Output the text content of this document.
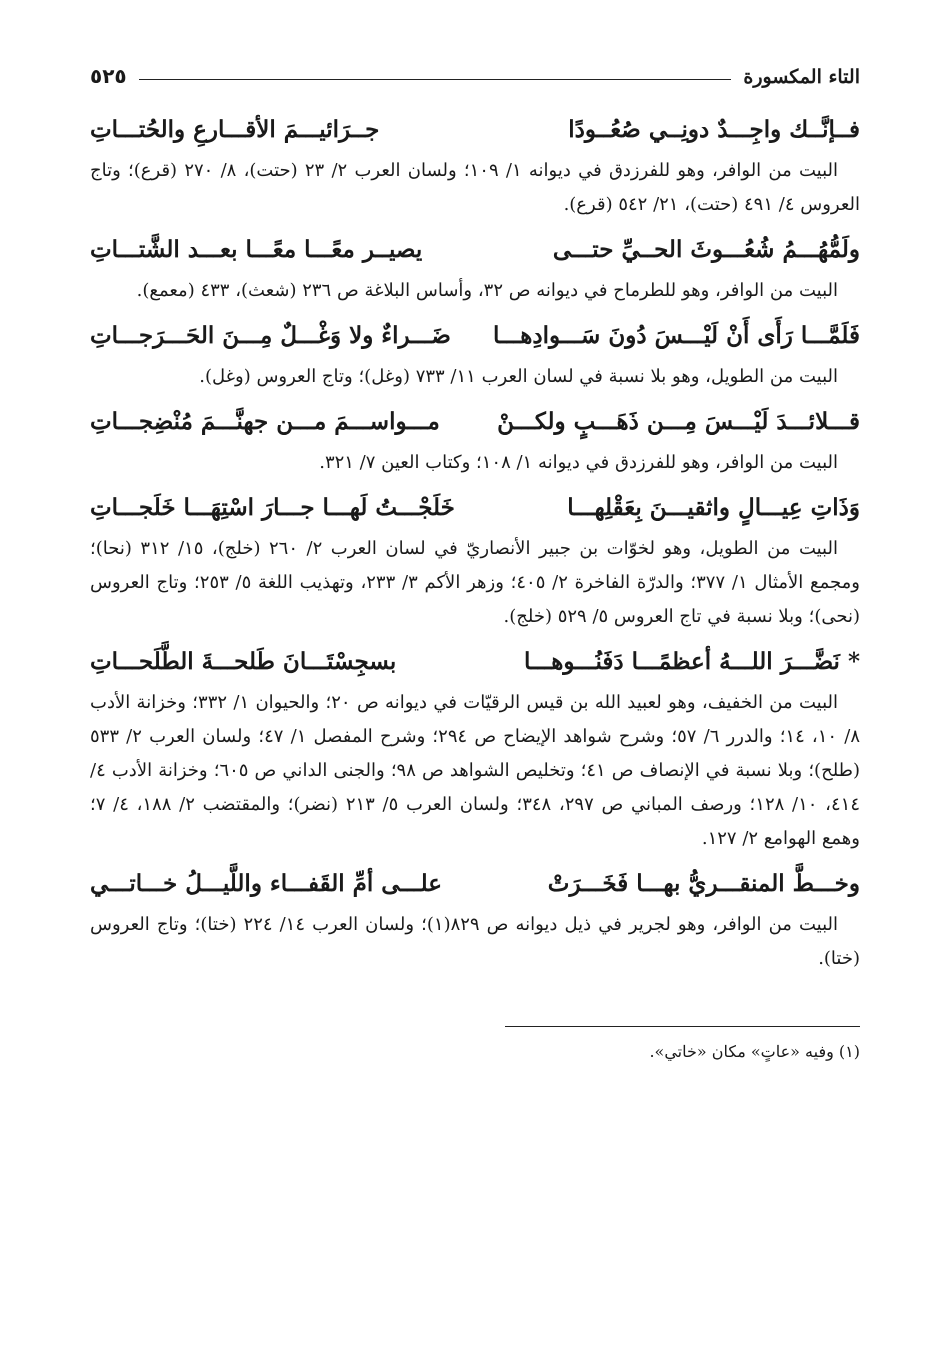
التاء المكسورة
٥٢٥
فــإنَّــك واجِـــدٌ دونِــي صُعُــودًا
جــرَائيـــمَ الأقـــارعِ والحُتـــاتِ

البيت من الوافر، وهو للفرزدق في ديوانه ١/ ١٠٩؛ ولسان العرب ٢/ ٢٣ (حتت)، ٨/ ٢٧٠ (قرع)؛ وتاج العروس ٤/ ٤٩١ (حتت)، ٢١/ ٥٤٢ (قرع).

ولَمُّهُـــمُ شُعُـــوثَ الحــيِّ حتـــى
يصيــر معًـــا معًـــا بعـــد الشَّتـــاتِ

البيت من الوافر، وهو للطرماح في ديوانه ص ٣٢، وأساس البلاغة ص ٢٣٦ (شعث)، ٤٣٣ (معمع).

فَلَمَّـــا رَأَى أَنْ لَيْـــسَ دُونَ سَـــوادِهـــا
ضَـــراءٌ ولا وَغْـــلٌ مِـــنَ الحَـــرَجـــاتِ

البيت من الطويل، وهو بلا نسبة في لسان العرب ١١/ ٧٣٣ (وغل)؛ وتاج العروس (وغل).

قـــلائـــدَ لَيْـــسَ مِـــن ذَهَـــبٍ ولكـــنْ
مـــواســـمَ مـــن جهنَّـــمَ مُنْضِجـــاتِ

البيت من الوافر، وهو للفرزدق في ديوانه ١/ ١٠٨؛ وكتاب العين ٧/ ٣٢١.

وَذَاتِ عِيـــالٍ واثقيـــنَ بِعَقْلِهـــا
خَلَجْـــتُ لَهـــا جـــارَ اسْتِهَـــا خَلَجـــاتِ

البيت من الطويل، وهو لخوّات بن جبير الأنصاريّ في لسان العرب ٢/ ٢٦٠ (خلج)، ١٥/ ٣١٢ (نحا)؛ ومجمع الأمثال ١/ ٣٧٧؛ والدرّة الفاخرة ٢/ ٤٠٥؛ وزهر الأكم ٣/ ٢٣٣، وتهذيب اللغة ٥/ ٢٥٣؛ وتاج العروس (نحى)؛ وبلا نسبة في تاج العروس ٥/ ٥٢٩ (خلج).

*نَضَّـــرَ اللـــهُ أعظمًـــا دَفَنُـــوهـــا
بسجِسْتَـــانَ طَلحـــةَ الطَّلَحـــاتِ

البيت من الخفيف، وهو لعبيد الله بن قيس الرقيّات في ديوانه ص ٢٠؛ والحيوان ١/ ٣٣٢؛ وخزانة الأدب ٨/ ١٠، ١٤؛ والدرر ٦/ ٥٧؛ وشرح شواهد الإيضاح ص ٢٩٤؛ وشرح المفصل ١/ ٤٧؛ ولسان العرب ٢/ ٥٣٣ (طلح)؛ وبلا نسبة في الإنصاف ص ٤١؛ وتخليص الشواهد ص ٩٨؛ والجنى الداني ص ٦٠٥؛ وخزانة الأدب ٤/ ٤١٤، ١٠/ ١٢٨؛ ورصف المباني ص ٢٩٧، ٣٤٨؛ ولسان العرب ٥/ ٢١٣ (نضر)؛ والمقتضب ٢/ ١٨٨، ٤/ ٧؛ وهمع الهوامع ٢/ ١٢٧.

وخـــطَّ المنقـــريُّ بهـــا فَخَـــرَتْ
علـــى أمِّ القَفـــاء واللَّيـــلُ خـــاتـــي

البيت من الوافر، وهو لجرير في ذيل ديوانه ص ٨٢٩(١)؛ ولسان العرب ١٤/ ٢٢٤ (ختا)؛ وتاج العروس (ختا).

(١) وفيه «عاتٍ» مكان «خاتي».
